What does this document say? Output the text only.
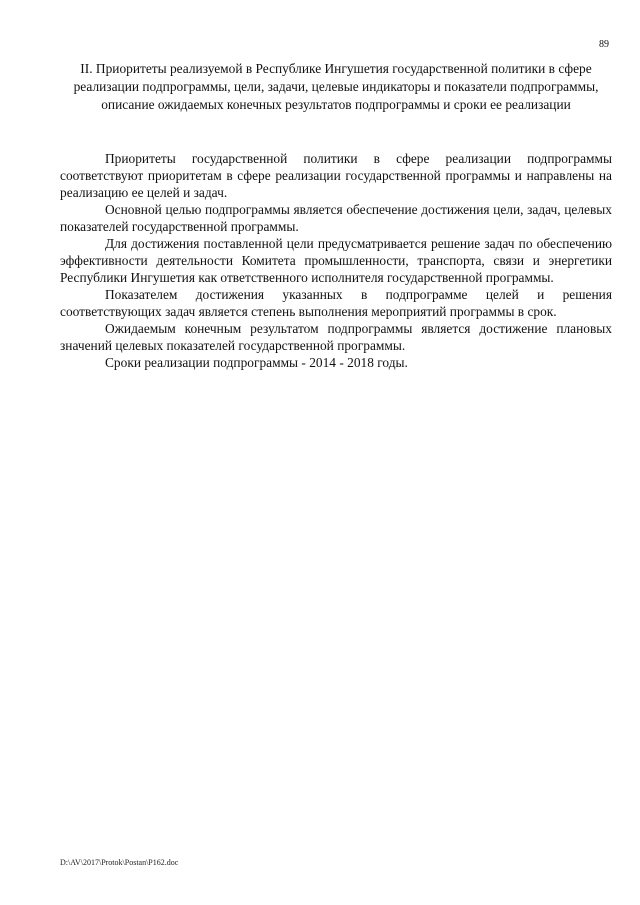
89
II. Приоритеты реализуемой в Республике Ингушетия государственной политики в сфере реализации подпрограммы, цели, задачи, целевые индикаторы и показатели подпрограммы, описание ожидаемых конечных результатов подпрограммы и сроки ее реализации

Приоритеты государственной политики в сфере реализации подпрограммы соответствуют приоритетам в сфере реализации государственной программы и направлены на реализацию ее целей и задач.

Основной целью подпрограммы является обеспечение достижения цели, задач, целевых показателей государственной программы.

Для достижения поставленной цели предусматривается решение задач по обеспечению эффективности деятельности Комитета промышленности, транспорта, связи и энергетики Республики Ингушетия как ответственного исполнителя государственной программы.

Показателем достижения указанных в подпрограмме целей и решения соответствующих задач является степень выполнения мероприятий программы в срок.

Ожидаемым конечным результатом подпрограммы является достижение плановых значений целевых показателей государственной программы.

Сроки реализации подпрограммы - 2014 - 2018 годы.

D:\AV\2017\Protok\Postan\P162.doc
